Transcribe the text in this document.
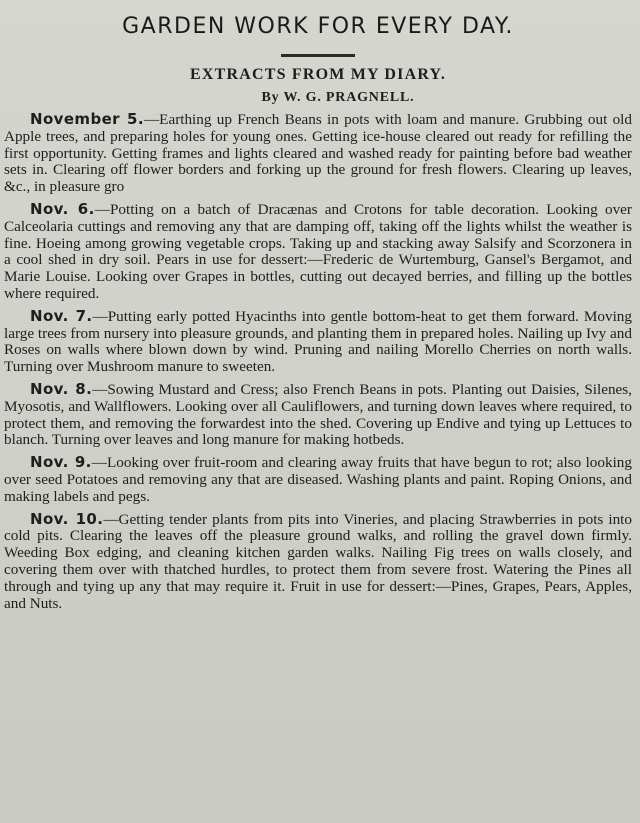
GARDEN WORK FOR EVERY DAY.
EXTRACTS FROM MY DIARY.
By W. G. PRAGNELL.

November 5.—Earthing up French Beans in pots with loam and manure. Grubbing out old Apple trees, and preparing holes for young ones. Getting ice-house cleared out ready for refilling the first opportunity. Getting frames and lights cleared and washed ready for painting before bad weather sets in. Clearing off flower borders and forking up the ground for fresh flowers. Clearing up leaves, &c., in pleasure gro

Nov. 6.—Potting on a batch of Dracænas and Crotons for table decoration. Looking over Calceolaria cuttings and removing any that are damping off, taking off the lights whilst the weather is fine. Hoeing among growing vegetable crops. Taking up and stacking away Salsify and Scorzonera in a cool shed in dry soil. Pears in use for dessert:—Frederic de Wurtemburg, Gansel's Bergamot, and Marie Louise. Looking over Grapes in bottles, cutting out decayed berries, and filling up the bottles where required.

Nov. 7.—Putting early potted Hyacinths into gentle bottom-heat to get them forward. Moving large trees from nursery into pleasure grounds, and planting them in prepared holes. Nailing up Ivy and Roses on walls where blown down by wind. Pruning and nailing Morello Cherries on north walls. Turning over Mushroom manure to sweeten.

Nov. 8.—Sowing Mustard and Cress; also French Beans in pots. Planting out Daisies, Silenes, Myosotis, and Wallflowers. Looking over all Cauliflowers, and turning down leaves where required, to protect them, and removing the forwardest into the shed. Covering up Endive and tying up Lettuces to blanch. Turning over leaves and long manure for making hotbeds.

Nov. 9.—Looking over fruit-room and clearing away fruits that have begun to rot; also looking over seed Potatoes and removing any that are diseased. Washing plants and paint. Roping Onions, and making labels and pegs.

Nov. 10.—Getting tender plants from pits into Vineries, and placing Strawberries in pots into cold pits. Clearing the leaves off the pleasure ground walks, and rolling the gravel down firmly. Weeding Box edging, and cleaning kitchen garden walks. Nailing Fig trees on walls closely, and covering them over with thatched hurdles, to protect them from severe frost. Watering the Pines all through and tying up any that may require it. Fruit in use for dessert:—Pines, Grapes, Pears, Apples, and Nuts.
